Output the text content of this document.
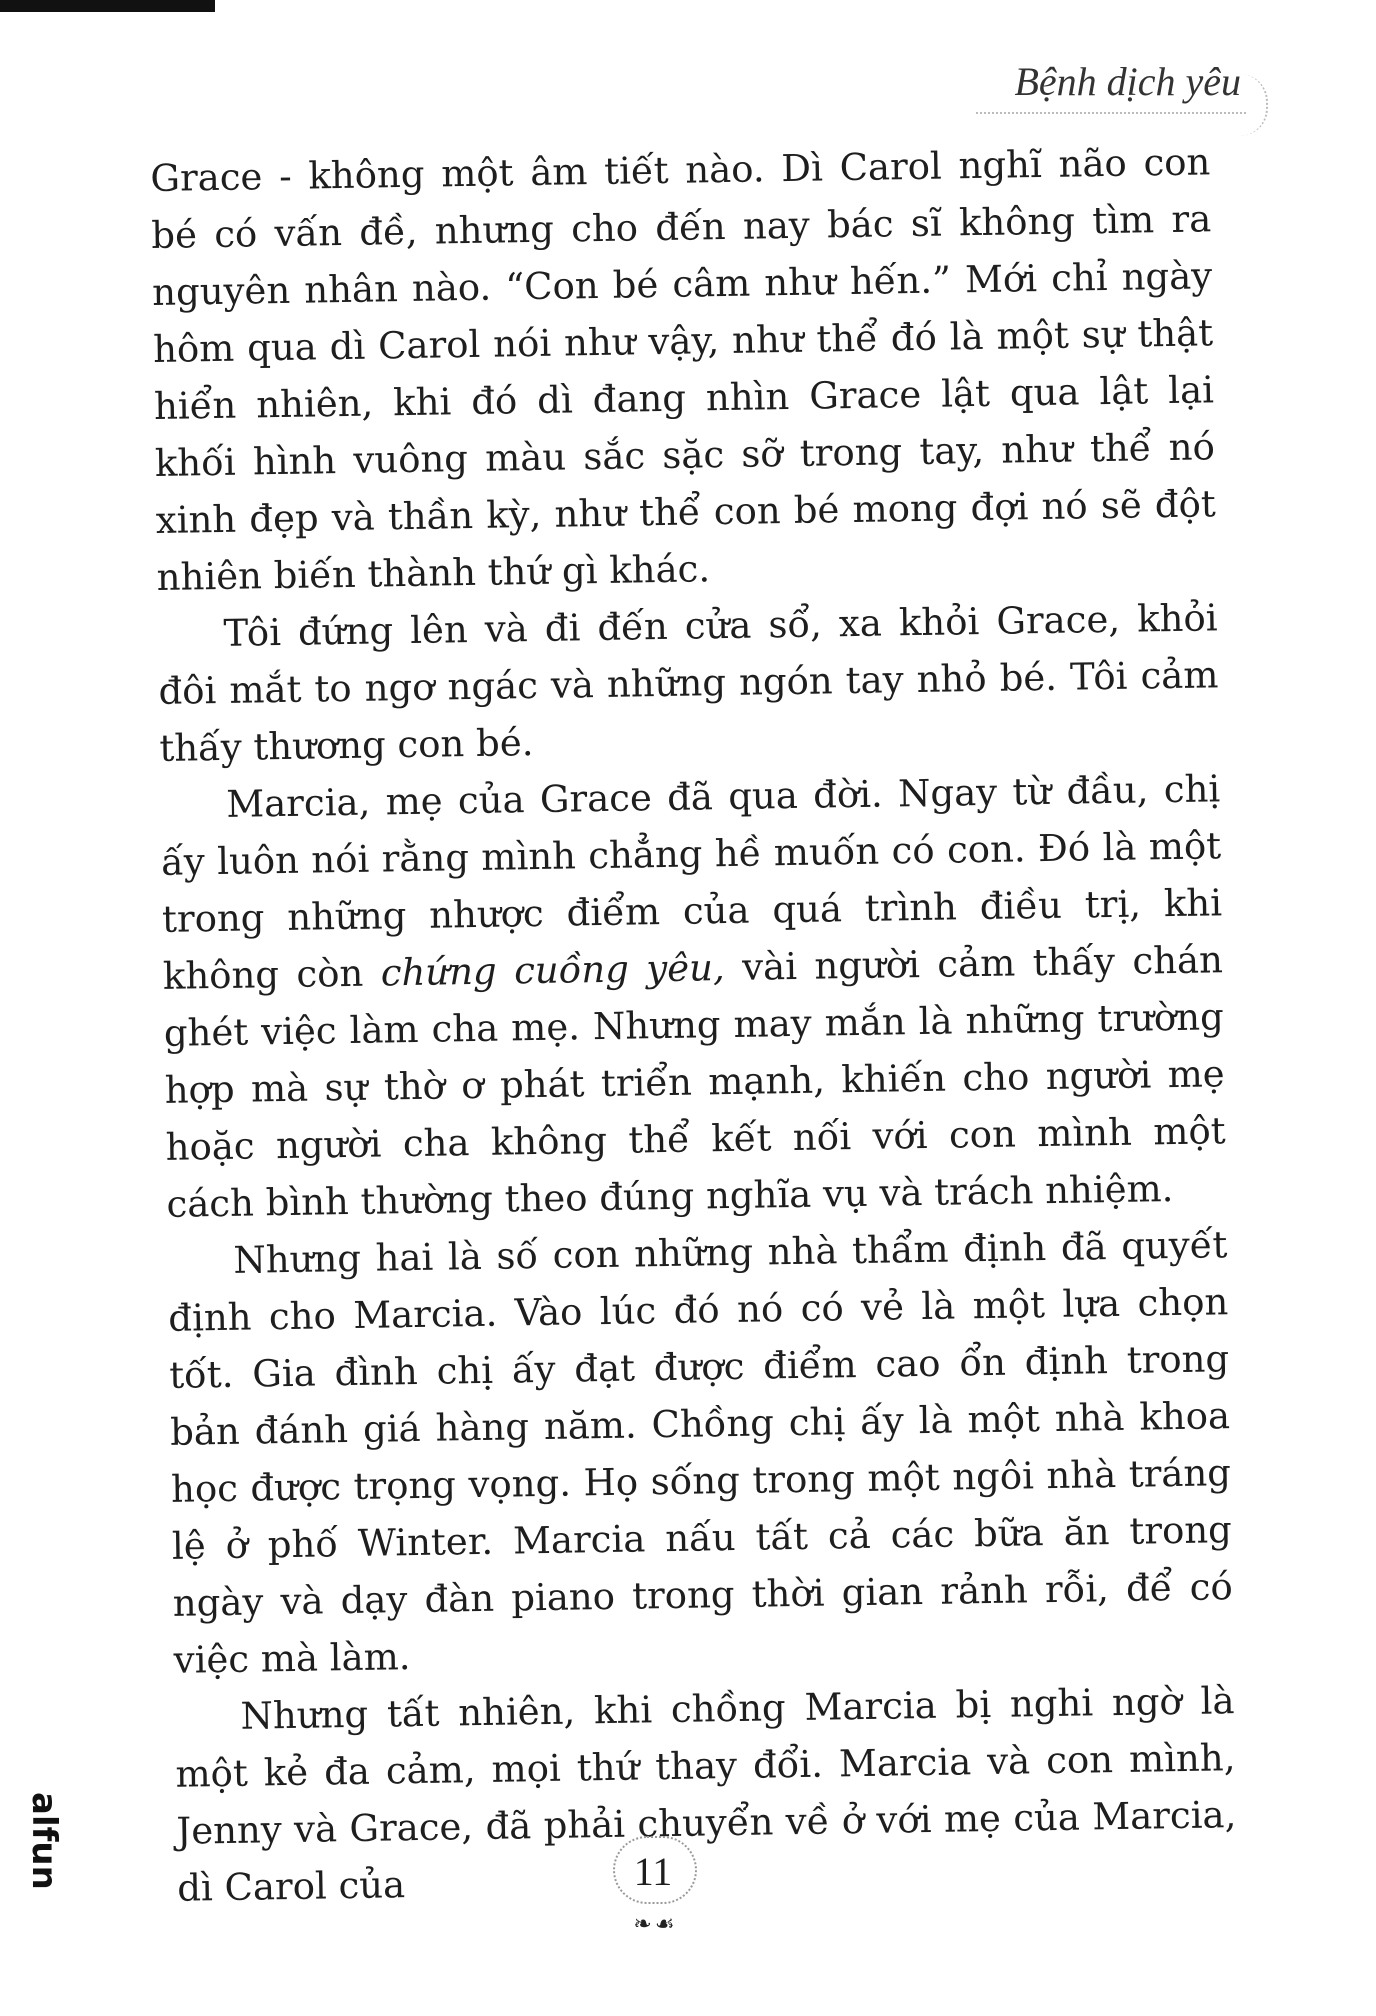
Bệnh dịch yêu

Grace - không một âm tiết nào. Dì Carol nghĩ não con bé có vấn đề, nhưng cho đến nay bác sĩ không tìm ra nguyên nhân nào. “Con bé câm như hến.” Mới chỉ ngày hôm qua dì Carol nói như vậy, như thể đó là một sự thật hiển nhiên, khi đó dì đang nhìn Grace lật qua lật lại khối hình vuông màu sắc sặc sỡ trong tay, như thể nó xinh đẹp và thần kỳ, như thể con bé mong đợi nó sẽ đột nhiên biến thành thứ gì khác.

Tôi đứng lên và đi đến cửa sổ, xa khỏi Grace, khỏi đôi mắt to ngơ ngác và những ngón tay nhỏ bé. Tôi cảm thấy thương con bé.

Marcia, mẹ của Grace đã qua đời. Ngay từ đầu, chị ấy luôn nói rằng mình chẳng hề muốn có con. Đó là một trong những nhược điểm của quá trình điều trị, khi không còn chứng cuồng yêu, vài người cảm thấy chán ghét việc làm cha mẹ. Nhưng may mắn là những trường hợp mà sự thờ ơ phát triển mạnh, khiến cho người mẹ hoặc người cha không thể kết nối với con mình một cách bình thường theo đúng nghĩa vụ và trách nhiệm.

Nhưng hai là số con những nhà thẩm định đã quyết định cho Marcia. Vào lúc đó nó có vẻ là một lựa chọn tốt. Gia đình chị ấy đạt được điểm cao ổn định trong bản đánh giá hàng năm. Chồng chị ấy là một nhà khoa học được trọng vọng. Họ sống trong một ngôi nhà tráng lệ ở phố Winter. Marcia nấu tất cả các bữa ăn trong ngày và dạy đàn piano trong thời gian rảnh rỗi, để có việc mà làm.

Nhưng tất nhiên, khi chồng Marcia bị nghi ngờ là một kẻ đa cảm, mọi thứ thay đổi. Marcia và con mình, Jenny và Grace, đã phải chuyển về ở với mẹ của Marcia, dì Carol của	11
❧ ☙
alfun
